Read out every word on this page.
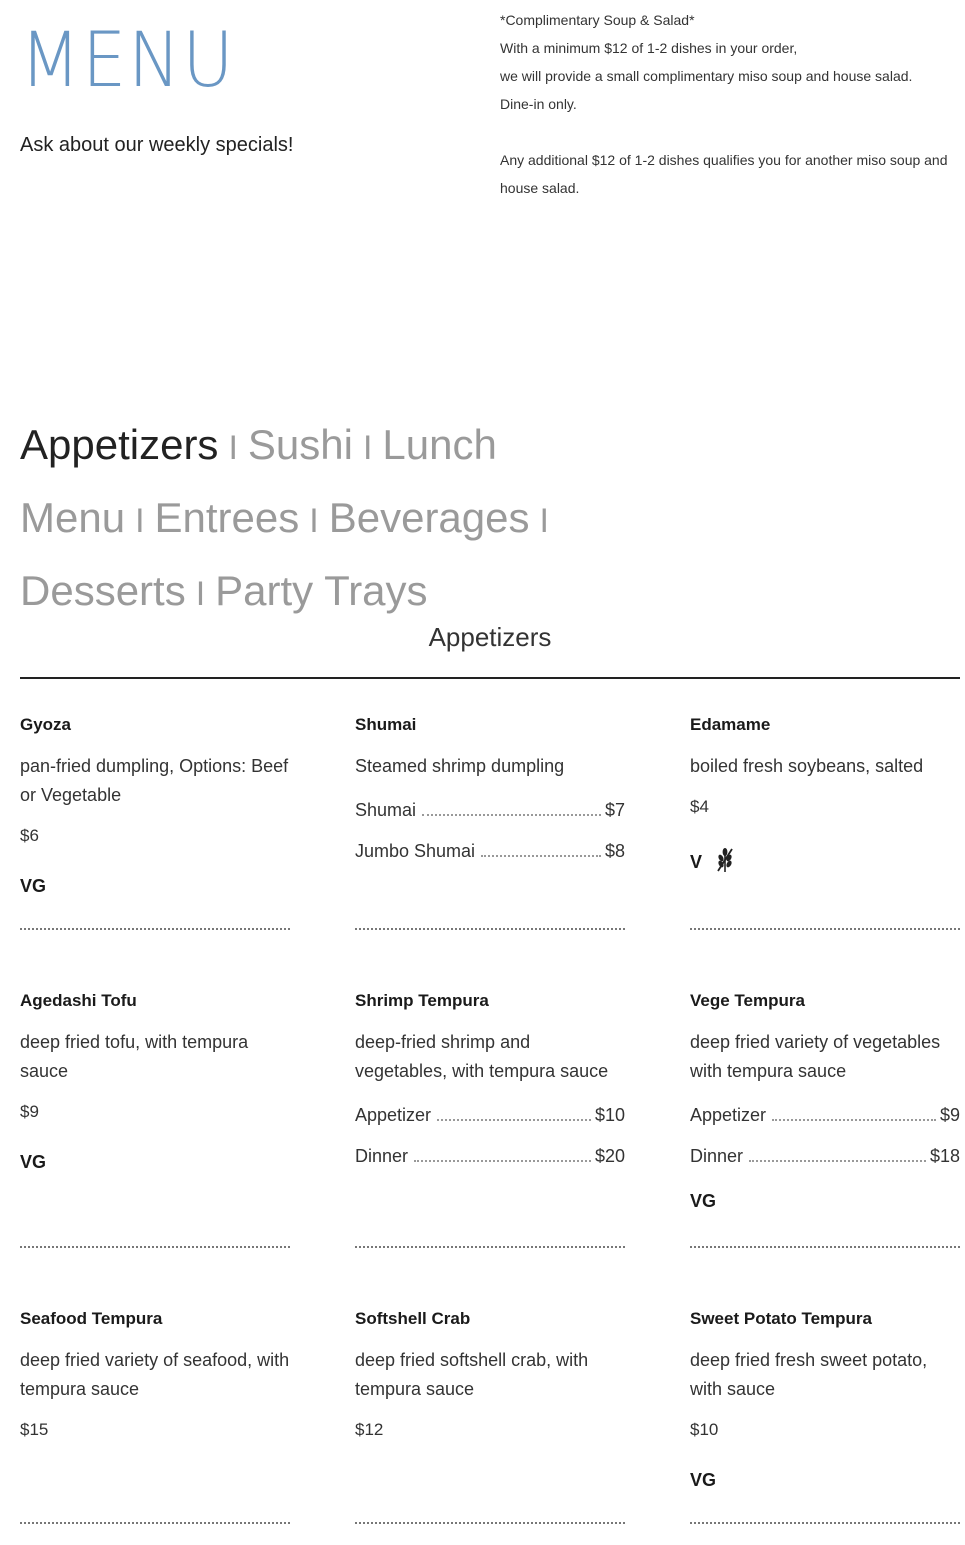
MENU
Ask about our weekly specials!

*Complimentary Soup & Salad*

With a minimum $12 of 1-2 dishes in your order,

we will provide a small complimentary miso soup and house salad.

Dine-in only.

Any additional $12 of 1-2 dishes qualifies you for another miso soup and house salad.

Appetizers I Sushi I Lunch Menu I Entrees I Beverages I
Desserts I Party Trays
Appetizers
Gyoza
pan-fried dumpling, Options: Beef or Vegetable
$6
VG
Shumai
Steamed shrimp dumpling
Shumai	$7
Jumbo Shumai	$8
Edamame
boiled fresh soybeans, salted
$4
V
Agedashi Tofu
deep fried tofu, with tempura sauce
$9
VG
Shrimp Tempura
deep-fried shrimp and vegetables, with tempura sauce
Appetizer	$10
Dinner	$20
Vege Tempura
deep fried variety of vegetables with tempura sauce
Appetizer	$9
Dinner	$18
VG
Seafood Tempura
deep fried variety of seafood, with tempura sauce
$15
Softshell Crab
deep fried softshell crab, with tempura sauce
$12
Sweet Potato Tempura
deep fried fresh sweet potato, with sauce
$10
VG
